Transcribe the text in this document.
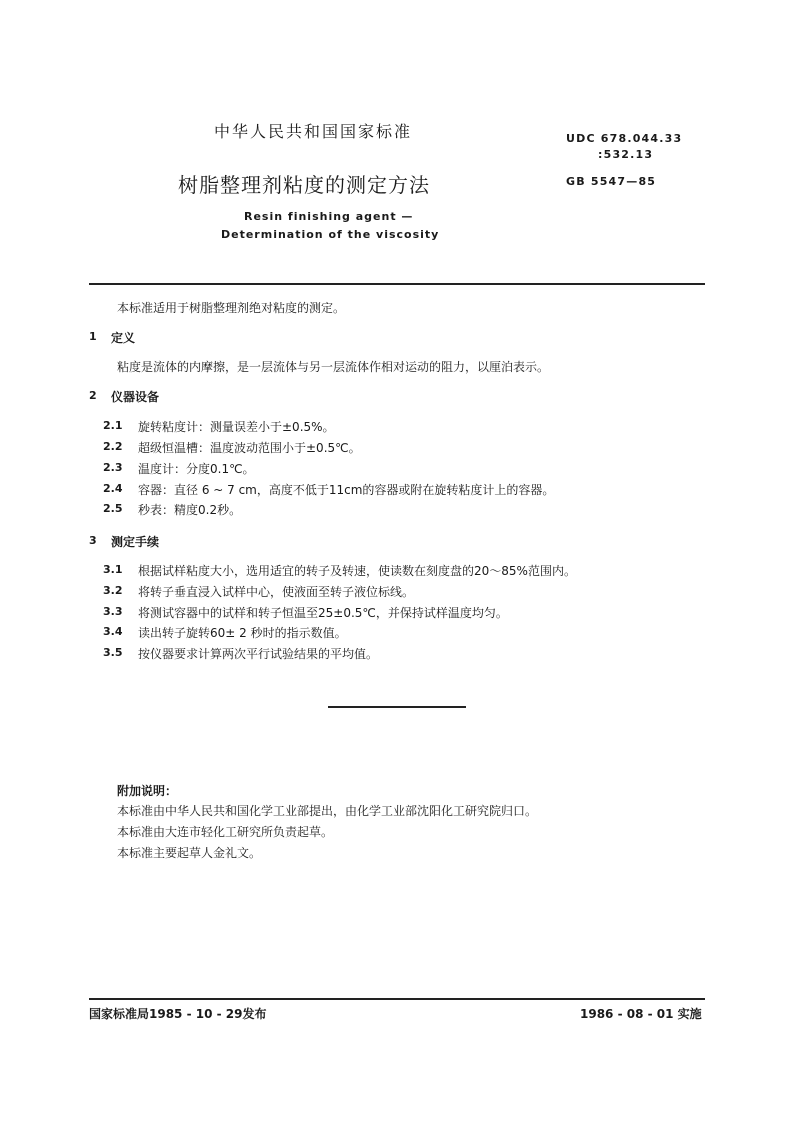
中华人民共和国国家标准	UDC 678.044.33
:532.13
树脂整理剂粘度的测定方法	GB 5547—85
Resin finishing agent —
Determination of the viscosity
本标准适用于树脂整理剂绝对粘度的测定。
1 定义
粘度是流体的内摩擦，是一层流体与另一层流体作相对运动的阻力，以厘泊表示。
2 仪器设备
2.1 旋转粘度计：测量误差小于±0.5%。
2.2 超级恒温槽：温度波动范围小于±0.5℃。
2.3 温度计：分度0.1℃。
2.4 容器：直径 6 ~ 7 cm，高度不低于11cm的容器或附在旋转粘度计上的容器。
2.5 秒表：精度0.2秒。
3 测定手续
3.1 根据试样粘度大小，选用适宜的转子及转速，使读数在刻度盘的20～85%范围内。
3.2 将转子垂直浸入试样中心，使液面至转子液位标线。
3.3 将测试容器中的试样和转子恒温至25±0.5℃，并保持试样温度均匀。
3.4 读出转子旋转60± 2 秒时的指示数值。
3.5 按仪器要求计算两次平行试验结果的平均值。
附加说明：
本标准由中华人民共和国化学工业部提出，由化学工业部沈阳化工研究院归口。
本标准由大连市轻化工研究所负责起草。
本标准主要起草人金礼文。
国家标准局1985 - 10 - 29发布	1986 - 08 - 01 实施
